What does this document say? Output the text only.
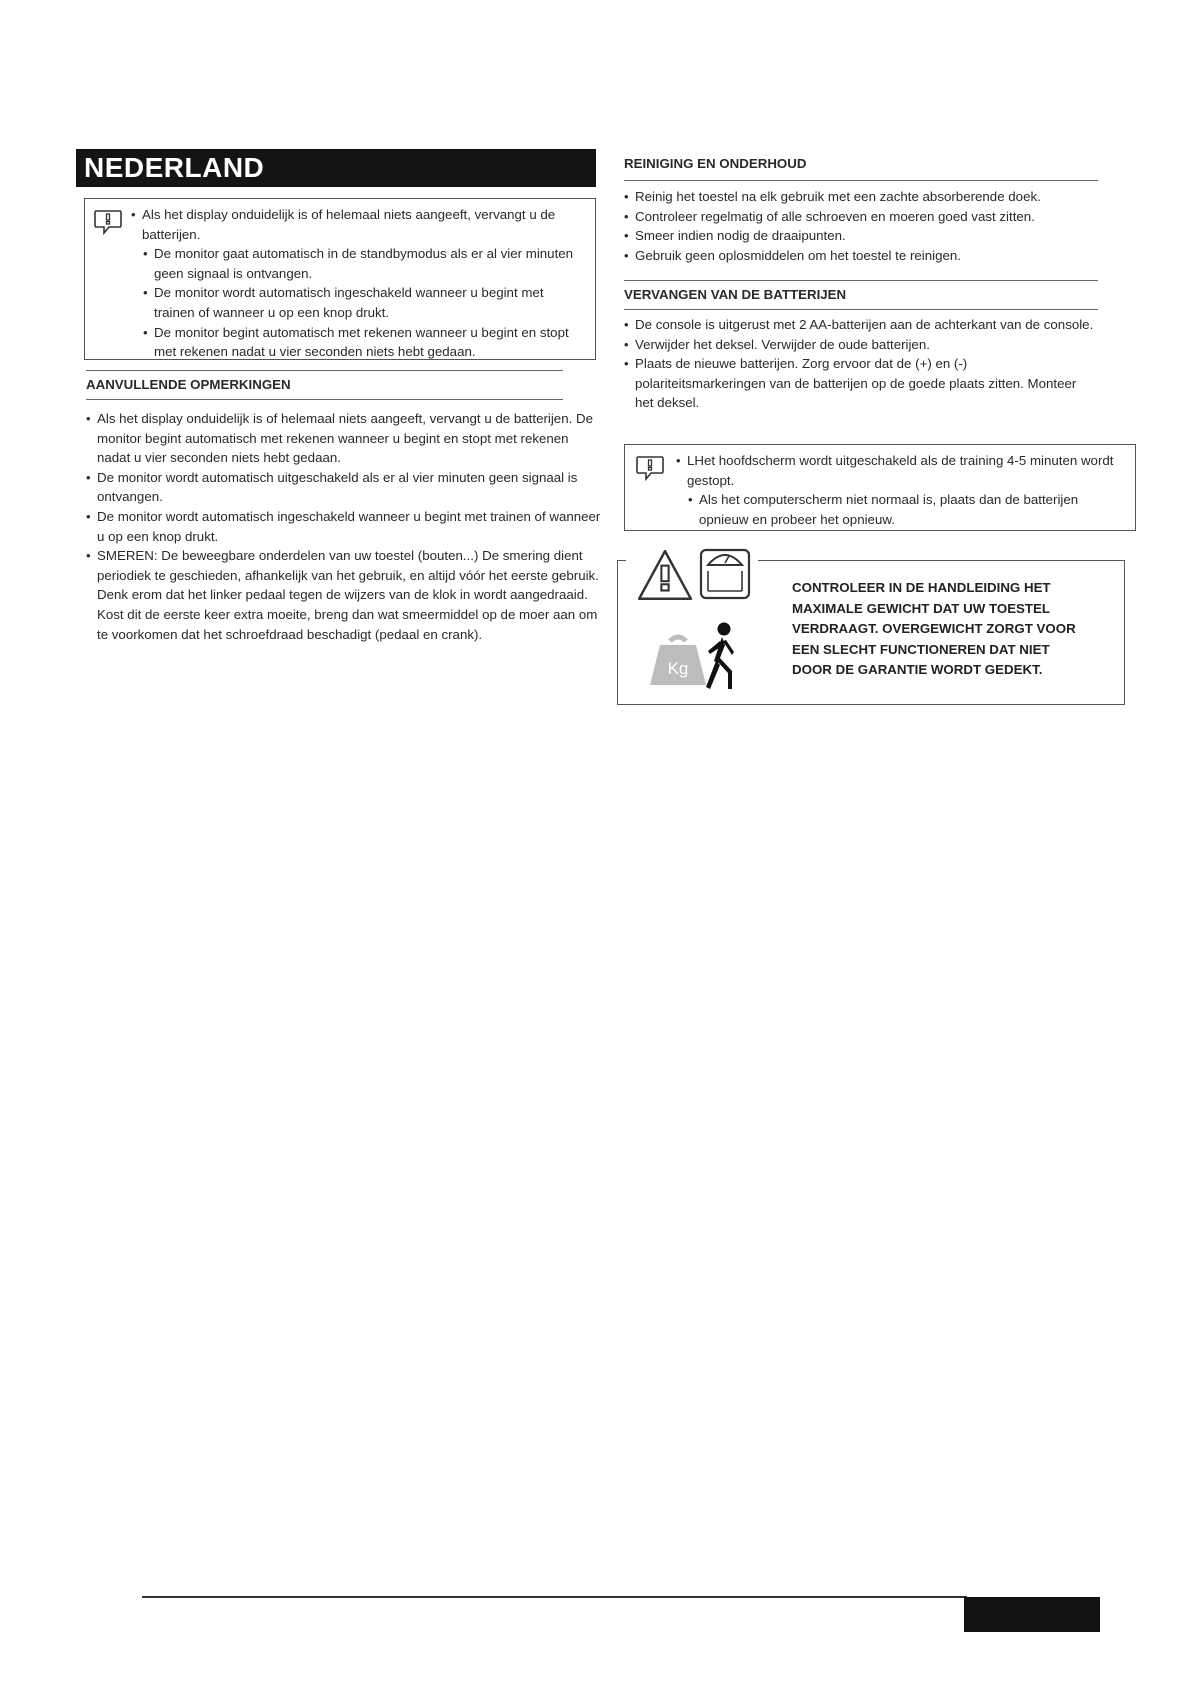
NEDERLAND
• Als het display onduidelijk is of helemaal niets aangeeft, vervangt u de batterijen.
• De monitor gaat automatisch in de standbymodus als er al vier minuten geen signaal is ontvangen.
• De monitor wordt automatisch ingeschakeld wanneer u begint met trainen of wanneer u op een knop drukt.
• De monitor begint automatisch met rekenen wanneer u begint en stopt met rekenen nadat u vier seconden niets hebt gedaan.
AANVULLENDE OPMERKINGEN
• Als het display onduidelijk is of helemaal niets aangeeft, vervangt u de batterijen. De monitor begint automatisch met rekenen wanneer u begint en stopt met rekenen nadat u vier seconden niets hebt gedaan.
• De monitor wordt automatisch uitgeschakeld als er al vier minuten geen signaal is ontvangen.
• De monitor wordt automatisch ingeschakeld wanneer u begint met trainen of wanneer u op een knop drukt.
• SMEREN: De beweegbare onderdelen van uw toestel (bouten...) De smering dient periodiek te geschieden, afhankelijk van het gebruik, en altijd vóór het eerste gebruik. Denk erom dat het linker pedaal tegen de wijzers van de klok in wordt aangedraaid. Kost dit de eerste keer extra moeite, breng dan wat smeermiddel op de moer aan om te voorkomen dat het schroefdraad beschadigt (pedaal en crank).
REINIGING EN ONDERHOUD
• Reinig het toestel na elk gebruik met een zachte absorberende doek.
• Controleer regelmatig of alle schroeven en moeren goed vast zitten.
• Smeer indien nodig de draaipunten.
• Gebruik geen oplosmiddelen om het toestel te reinigen.
VERVANGEN VAN DE BATTERIJEN
• De console is uitgerust met 2 AA-batterijen aan de achterkant van de console.
• Verwijder het deksel. Verwijder de oude batterijen.
• Plaats de nieuwe batterijen. Zorg ervoor dat de (+) en (-) polariteitsmarkeringen van de batterijen op de goede plaats zitten. Monteer het deksel.
• LHet hoofdscherm wordt uitgeschakeld als de training 4-5 minuten wordt gestopt.
• Als het computerscherm niet normaal is, plaats dan de batterijen opnieuw en probeer het opnieuw.
Kg
CONTROLEER IN DE HANDLEIDING HET
MAXIMALE GEWICHT DAT UW TOESTEL
VERDRAAGT. OVERGEWICHT ZORGT VOOR
EEN SLECHT FUNCTIONEREN DAT NIET
DOOR DE GARANTIE WORDT GEDEKT.
